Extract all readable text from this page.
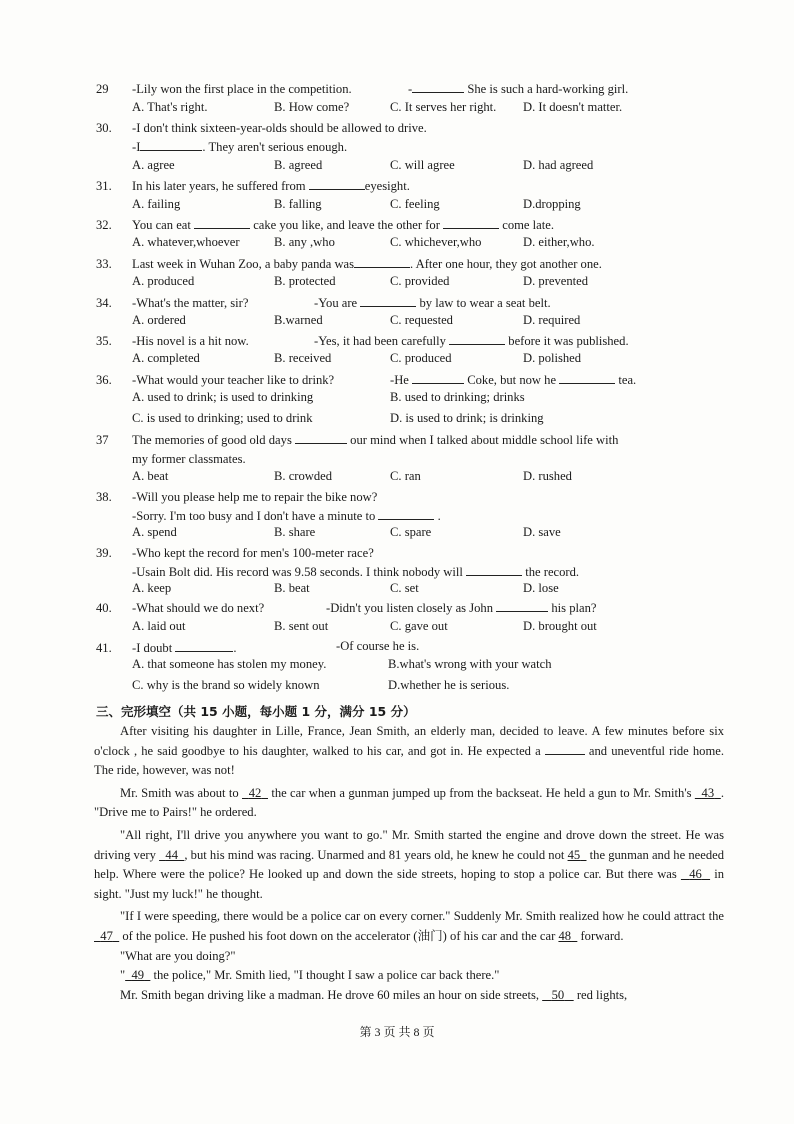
29	-Lily won the first place in the competition.	-	She is such a hard-working girl.
A. That's right.	B. How come?	C. It serves her right. D. It doesn't matter.
30.	-I don't think sixteen-year-olds should be allowed to drive.
-I	. They aren't serious enough.
A. agree	B. agreed	C. will agree	D. had agreed
31.	In his later years, he suffered from	eyesight.
A. failing	B. falling	C. feeling	D.dropping
32.	You can eat	cake you like, and leave the other for	come late.
A. whatever,whoever	B. any ,who	C. whichever,who	D. either,who.
33.	Last week in Wuhan Zoo, a baby panda was	. After one hour, they got another one.
A. produced	B. protected	C. provided	D. prevented
34.	-What's the matter, sir?	-You are	by law to wear a seat belt.
A. ordered	B.warned	C. requested	D. required
35.	-His novel is a hit now.	-Yes, it had been carefully	before it was published.
A. completed	B. received	C. produced	D. polished
36.	-What would your teacher like to drink?	-He	Coke, but now he	tea.
A. used to drink; is used to drinking	B. used to drinking; drinks
C. is used to drinking; used to drink	D. is used to drink; is drinking
37	The memories of good old days	our mind when I talked about middle school life with
my former classmates.
A. beat	B. crowded	C. ran	D. rushed
38.	-Will you please help me to repair the bike now?
-Sorry. I'm too busy and I don't have a minute to	.
A. spend	B. share	C. spare	D. save
39.	-Who kept the record for men's 100-meter race?
-Usain Bolt did. His record was 9.58 seconds. I think nobody will	the record.
A. keep	B. beat	C. set	D. lose
40.	-What should we do next?	-Didn't you listen closely as John	his plan?
A. laid out	B. sent out	C. gave out	D. brought out
41.	-I doubt	.	-Of course he is.
A. that someone has stolen my money.	B.what's wrong with your watch
C. why is the brand so widely known	D.whether he is serious.
三、完形填空（共 15 小题，每小题 1 分，满分 15 分）
After visiting his daughter in Lille, France, Jean Smith, an elderly man, decided to leave. A few minutes before six o'clock , he said goodbye to his daughter, walked to his car, and got in. He expected a	and uneventful ride home. The ride, however, was not!
Mr. Smith was about to 42 the car when a gunman jumped up from the backseat. He held a gun to Mr. Smith's 43 . "Drive me to Pairs!" he ordered.
"All right, I'll drive you anywhere you want to go." Mr. Smith started the engine and drove down the street. He was driving very 44 , but his mind was racing. Unarmed and 81 years old, he knew he could not 45 the gunman and he needed help. Where were the police? He looked up and down the side streets, hoping to stop a police car. But there was 46 in sight. "Just my luck!" he thought.
"If I were speeding, there would be a police car on every corner." Suddenly Mr. Smith realized how he could attract the   47 of the police. He pushed his foot down on the accelerator (油门) of his car and the car 48 forward.
"What are you doing?"
" 49 the police," Mr. Smith lied, "I thought I saw a police car back there."
Mr. Smith began driving like a madman. He drove 60 miles an hour on side streets, 50 red lights,
第 3 页 共 8 页
